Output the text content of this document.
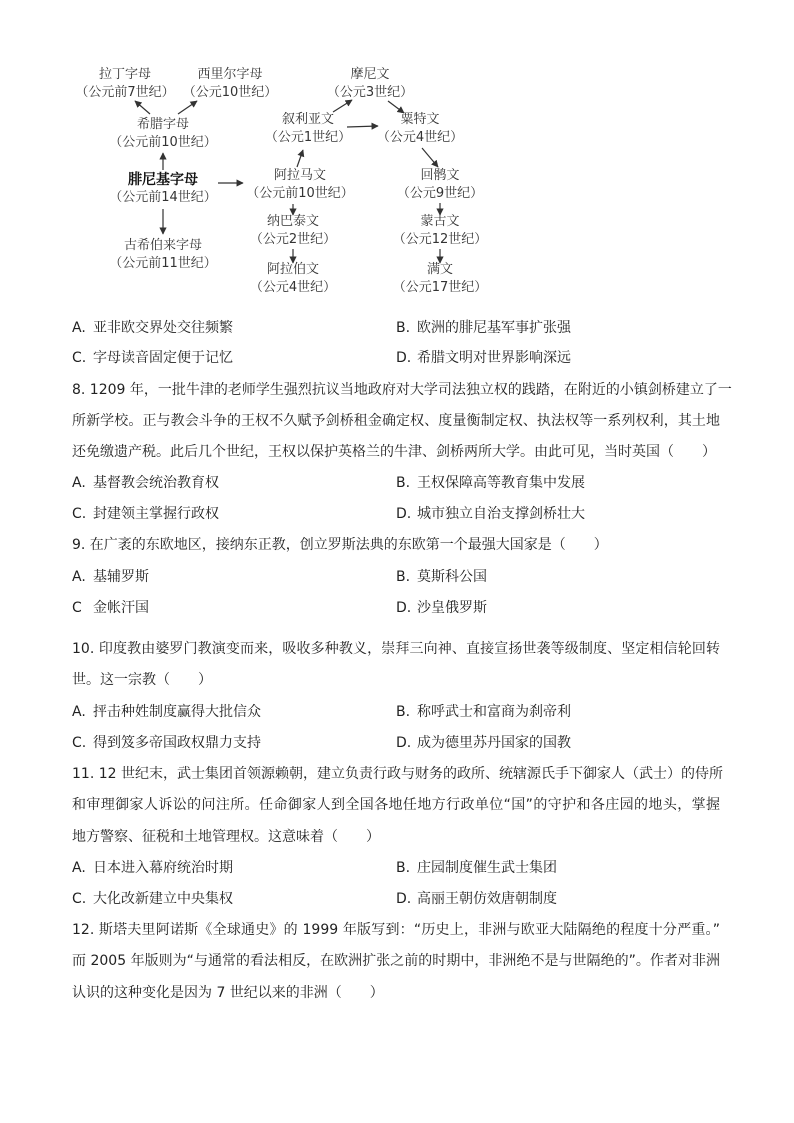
拉丁字母
（公元前7世纪）
西里尔字母
（公元10世纪）
希腊字母
（公元前10世纪）
腓尼基字母
（公元前14世纪）
古希伯来字母
（公元前11世纪）
摩尼文
（公元3世纪）
叙利亚文
（公元1世纪）
粟特文
（公元4世纪）
阿拉马文
（公元前10世纪）
回鹘文
（公元9世纪）
纳巴泰文
（公元2世纪）
蒙古文
（公元12世纪）
阿拉伯文
（公元4世纪）
满文
（公元17世纪）
A. 亚非欧交界处交往频繁	B. 欧洲的腓尼基军事扩张强
C. 字母读音固定便于记忆	D. 希腊文明对世界影响深远
8. 1209 年，一批牛津的老师学生强烈抗议当地政府对大学司法独立权的践踏，在附近的小镇剑桥建立了一
所新学校。正与教会斗争的王权不久赋予剑桥租金确定权、度量衡制定权、执法权等一系列权利，其土地
还免缴遗产税。此后几个世纪，王权以保护英格兰的牛津、剑桥两所大学。由此可见，当时英国（　　）
A. 基督教会统治教育权	B. 王权保障高等教育集中发展
C. 封建领主掌握行政权	D. 城市独立自治支撑剑桥壮大
9. 在广袤的东欧地区，接纳东正教，创立罗斯法典的东欧第一个最强大国家是（　　）
A. 基辅罗斯	B. 莫斯科公国
C 金帐汗国	D. 沙皇俄罗斯
10. 印度教由婆罗门教演变而来，吸收多种教义，崇拜三向神、直接宣扬世袭等级制度、坚定相信轮回转
世。这一宗教（　　）
A. 抨击种姓制度赢得大批信众	B. 称呼武士和富商为刹帝利
C. 得到笈多帝国政权鼎力支持	D. 成为德里苏丹国家的国教
11. 12 世纪末，武士集团首领源赖朝，建立负责行政与财务的政所、统辖源氏手下御家人（武士）的侍所
和审理御家人诉讼的问注所。任命御家人到全国各地任地方行政单位“国”的守护和各庄园的地头，掌握
地方警察、征税和土地管理权。这意味着（　　）
A. 日本进入幕府统治时期	B. 庄园制度催生武士集团
C. 大化改新建立中央集权	D. 高丽王朝仿效唐朝制度
12. 斯塔夫里阿诺斯《全球通史》的 1999 年版写到：“历史上，非洲与欧亚大陆隔绝的程度十分严重。”
而 2005 年版则为“与通常的看法相反，在欧洲扩张之前的时期中，非洲绝不是与世隔绝的”。作者对非洲
认识的这种变化是因为 7 世纪以来的非洲（　　）
